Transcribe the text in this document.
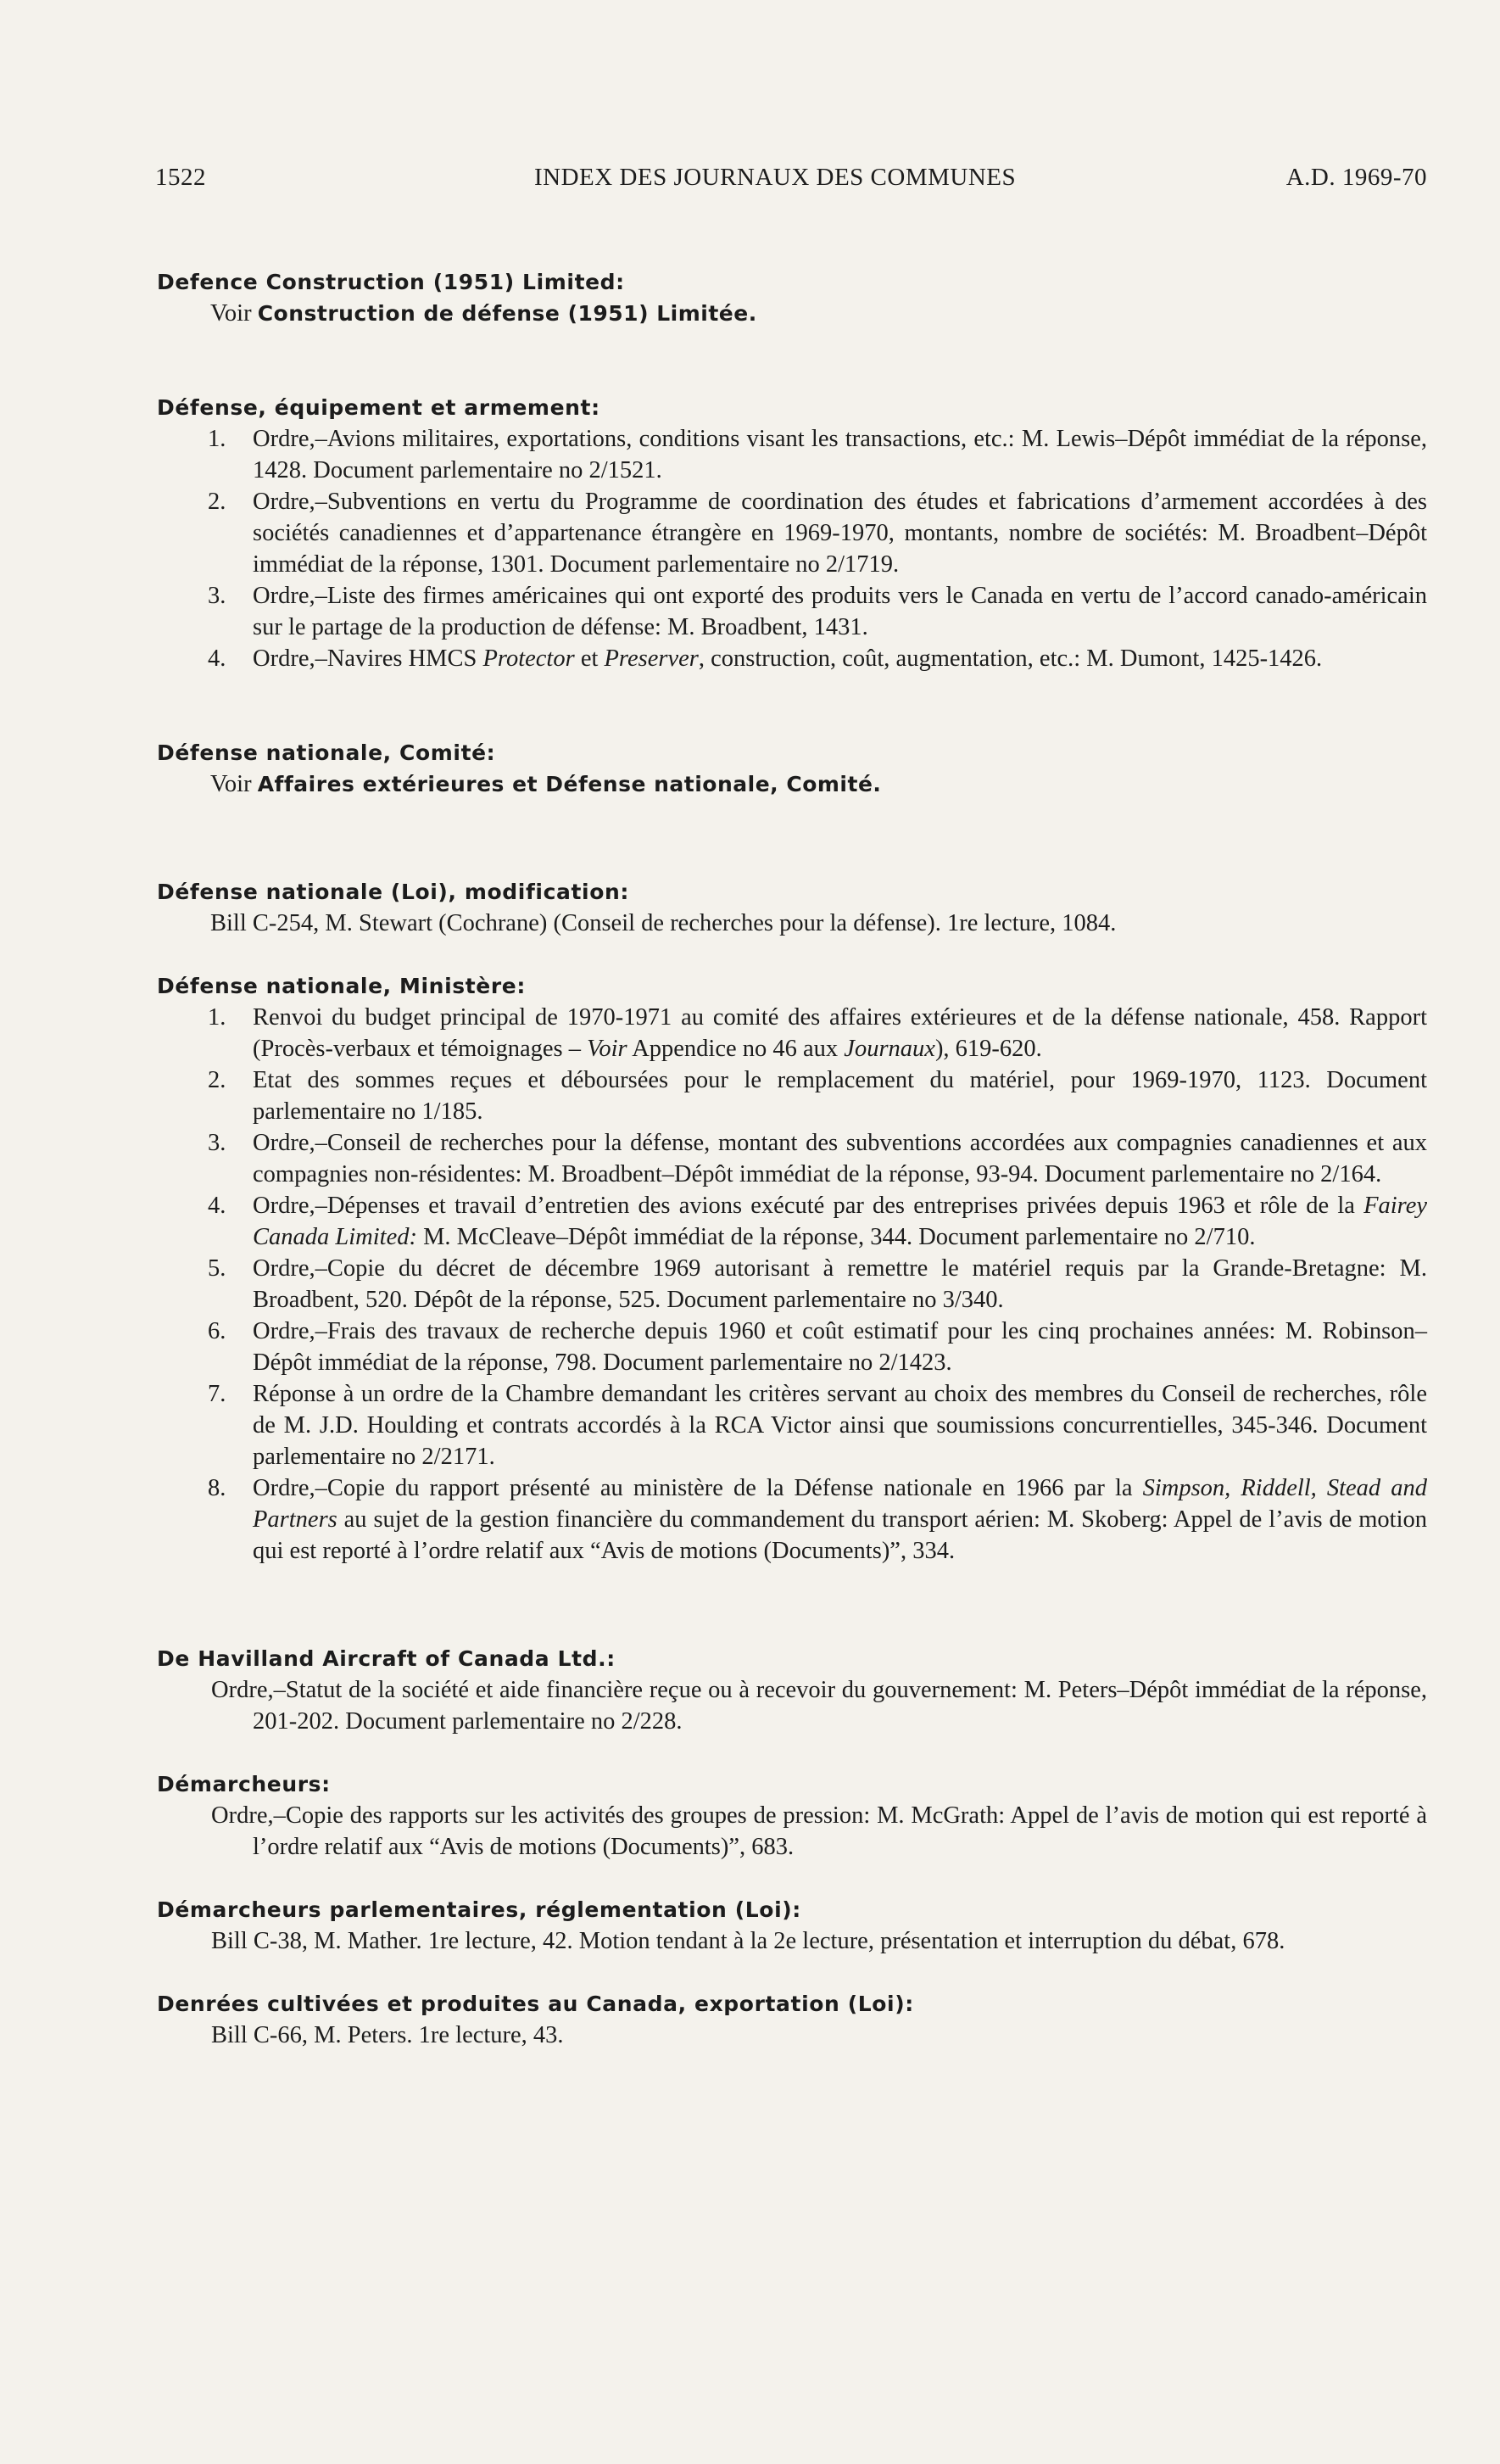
1522	INDEX DES JOURNAUX DES COMMUNES	A.D. 1969-70
Defence Construction (1951) Limited:
Voir Construction de défense (1951) Limitée.
Défense, équipement et armement:
1. Ordre,–Avions militaires, exportations, conditions visant les transactions, etc.: M. Lewis–Dépôt immédiat de la réponse, 1428. Document parlementaire no 2/1521.
2. Ordre,–Subventions en vertu du Programme de coordination des études et fabrications d’armement accordées à des sociétés canadiennes et d’appartenance étrangère en 1969-1970, montants, nombre de sociétés: M. Broadbent–Dépôt immédiat de la réponse, 1301. Document parlementaire no 2/1719.
3. Ordre,–Liste des firmes américaines qui ont exporté des produits vers le Canada en vertu de l’accord canado-américain sur le partage de la production de défense: M. Broadbent, 1431.
4. Ordre,–Navires HMCS Protector et Preserver, construction, coût, augmentation, etc.: M. Dumont, 1425-1426.
Défense nationale, Comité:
Voir Affaires extérieures et Défense nationale, Comité.
Défense nationale (Loi), modification:
Bill C-254, M. Stewart (Cochrane) (Conseil de recherches pour la défense). 1re lecture, 1084.
Défense nationale, Ministère:
1. Renvoi du budget principal de 1970-1971 au comité des affaires extérieures et de la défense nationale, 458. Rapport (Procès-verbaux et témoignages – Voir Appendice no 46 aux Journaux), 619-620.
2. Etat des sommes reçues et déboursées pour le remplacement du matériel, pour 1969-1970, 1123. Document parlementaire no 1/185.
3. Ordre,–Conseil de recherches pour la défense, montant des subventions accordées aux compagnies canadiennes et aux compagnies non-résidentes: M. Broadbent–Dépôt immédiat de la réponse, 93-94. Document parlementaire no 2/164.
4. Ordre,–Dépenses et travail d’entretien des avions exécuté par des entreprises privées depuis 1963 et rôle de la Fairey Canada Limited: M. McCleave–Dépôt immédiat de la réponse, 344. Document parlementaire no 2/710.
5. Ordre,–Copie du décret de décembre 1969 autorisant à remettre le matériel requis par la Grande-Bretagne: M. Broadbent, 520. Dépôt de la réponse, 525. Document parlementaire no 3/340.
6. Ordre,–Frais des travaux de recherche depuis 1960 et coût estimatif pour les cinq prochaines années: M. Robinson–Dépôt immédiat de la réponse, 798. Document parlementaire no 2/1423.
7. Réponse à un ordre de la Chambre demandant les critères servant au choix des membres du Conseil de recherches, rôle de M. J.D. Houlding et contrats accordés à la RCA Victor ainsi que soumissions concurrentielles, 345-346. Document parlementaire no 2/2171.
8. Ordre,–Copie du rapport présenté au ministère de la Défense nationale en 1966 par la Simpson, Riddell, Stead and Partners au sujet de la gestion financière du commandement du transport aérien: M. Skoberg: Appel de l’avis de motion qui est reporté à l’ordre relatif aux “Avis de motions (Documents)”, 334.
De Havilland Aircraft of Canada Ltd.:
Ordre,–Statut de la société et aide financière reçue ou à recevoir du gouvernement: M. Peters–Dépôt immédiat de la réponse, 201-202. Document parlementaire no 2/228.
Démarcheurs:
Ordre,–Copie des rapports sur les activités des groupes de pression: M. McGrath: Appel de l’avis de motion qui est reporté à l’ordre relatif aux “Avis de motions (Documents)”, 683.
Démarcheurs parlementaires, réglementation (Loi):
Bill C-38, M. Mather. 1re lecture, 42. Motion tendant à la 2e lecture, présentation et interruption du débat, 678.
Denrées cultivées et produites au Canada, exportation (Loi):
Bill C-66, M. Peters. 1re lecture, 43.
